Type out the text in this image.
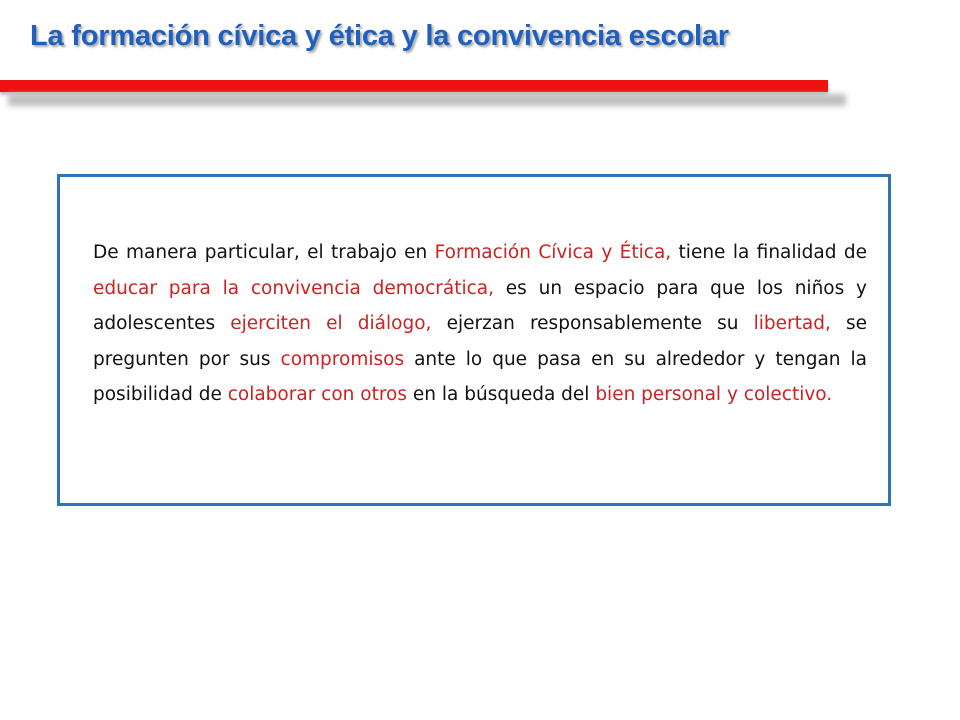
La formación cívica y ética y la convivencia escolar

De manera particular, el trabajo en Formación Cívica y Ética, tiene la finalidad de educar para la convivencia democrática, es un espacio para que los niños y adolescentes ejerciten el diálogo, ejerzan responsablemente su libertad, se pregunten por sus compromisos ante lo que pasa en su alrededor y tengan la posibilidad de colaborar con otros en la búsqueda del bien personal y colectivo.
